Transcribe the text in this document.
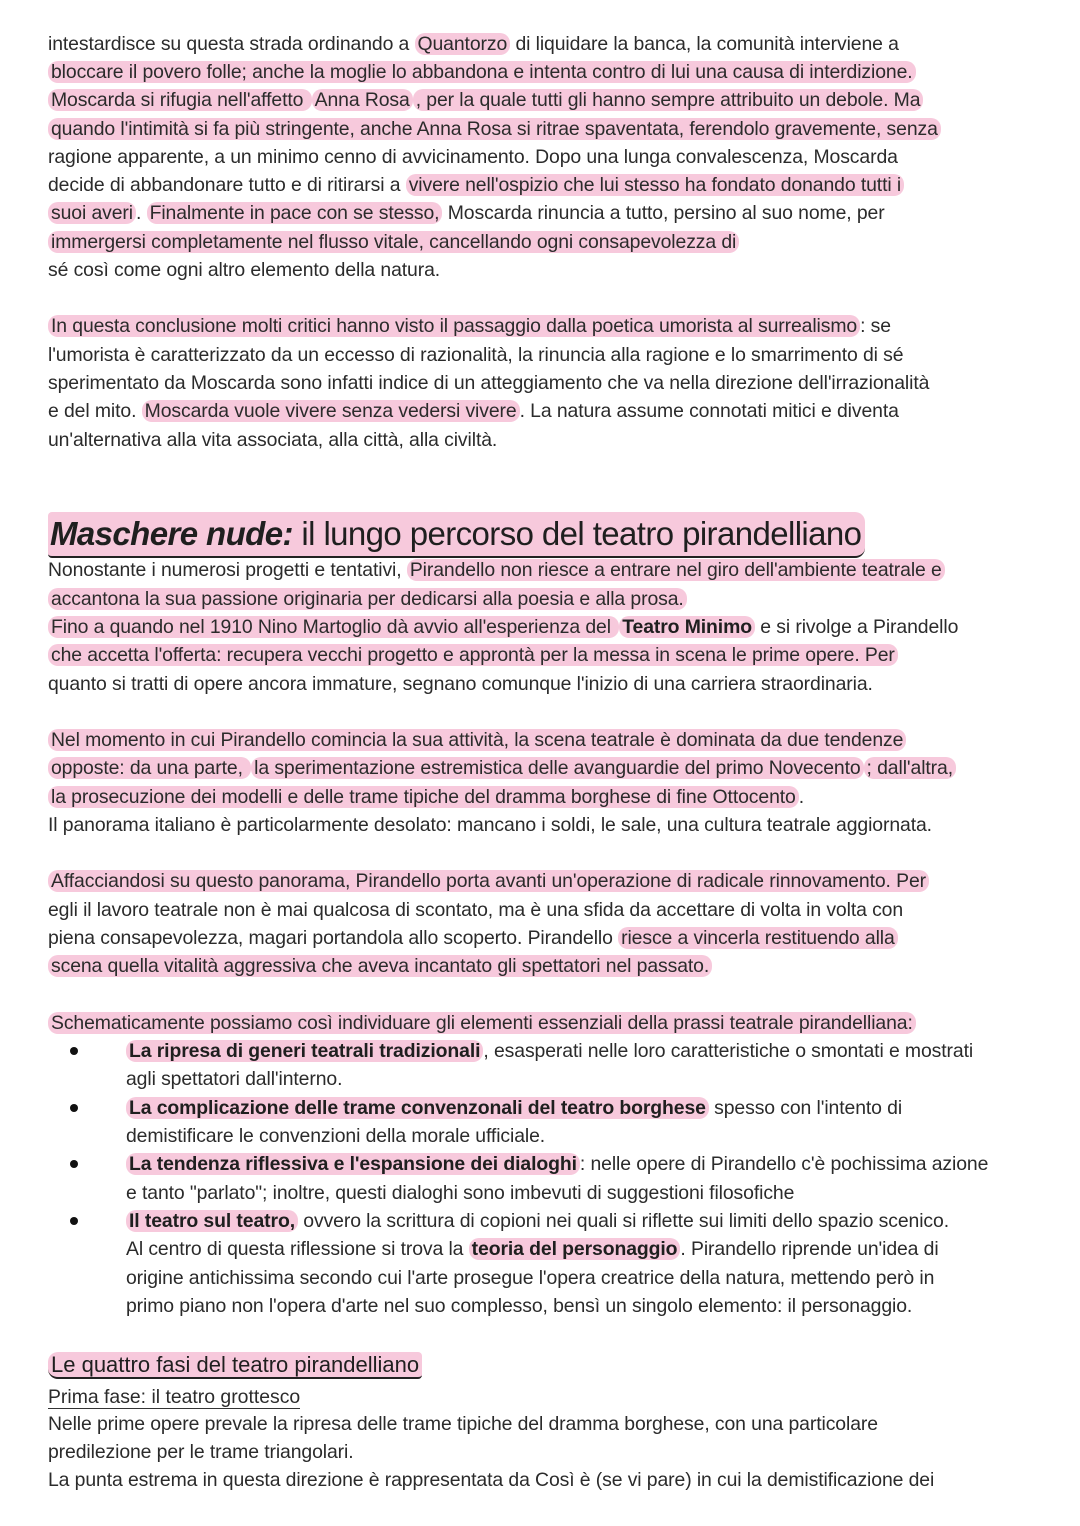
intestardisce su questa strada ordinando a Quantorzo di liquidare la banca, la comunità interviene a
bloccare il povero folle; anche la moglie lo abbandona e intenta contro di lui una causa di interdizione.
Moscarda si rifugia nell'affetto Anna Rosa , per la quale tutti gli hanno sempre attribuito un debole. Ma
quando l'intimità si fa più stringente, anche Anna Rosa si ritrae spaventata, ferendolo gravemente, senza
ragione apparente, a un minimo cenno di avvicinamento. Dopo una lunga convalescenza, Moscarda
decide di abbandonare tutto e di ritirarsi a vivere nell'ospizio che lui stesso ha fondato donando tutti i
suoi averi . Finalmente in pace con se stesso, Moscarda rinuncia a tutto, persino al suo nome, per
immergersi completamente nel flusso vitale, cancellando ogni consapevolezza di
sé così come ogni altro elemento della natura.
In questa conclusione molti critici hanno visto il passaggio dalla poetica umorista al surrealismo : se
l'umorista è caratterizzato da un eccesso di razionalità, la rinuncia alla ragione e lo smarrimento di sé
sperimentato da Moscarda sono infatti indice di un atteggiamento che va nella direzione dell'irrazionalità
e del mito. Moscarda vuole vivere senza vedersi vivere . La natura assume connotati mitici e diventa
un'alternativa alla vita associata, alla città, alla civiltà.
Maschere nude: il lungo percorso del teatro pirandelliano
Nonostante i numerosi progetti e tentativi, Pirandello non riesce a entrare nel giro dell'ambiente teatrale e
accantona la sua passione originaria per dedicarsi alla poesia e alla prosa.
Fino a quando nel 1910 Nino Martoglio dà avvio all'esperienza del Teatro Minimo e si rivolge a Pirandello
che accetta l'offerta: recupera vecchi progetto e approntà per la messa in scena le prime opere. Per
quanto si tratti di opere ancora immature, segnano comunque l'inizio di una carriera straordinaria.
Nel momento in cui Pirandello comincia la sua attività, la scena teatrale è dominata da due tendenze
opposte: da una parte, la sperimentazione estremistica delle avanguardie del primo Novecento ; dall'altra,
la prosecuzione dei modelli e delle trame tipiche del dramma borghese di fine Ottocento .
Il panorama italiano è particolarmente desolato: mancano i soldi, le sale, una cultura teatrale aggiornata.
Affacciandosi su questo panorama, Pirandello porta avanti un'operazione di radicale rinnovamento. Per
egli il lavoro teatrale non è mai qualcosa di scontato, ma è una sfida da accettare di volta in volta con
piena consapevolezza, magari portandola allo scoperto. Pirandello riesce a vincerla restituendo alla
scena quella vitalità aggressiva che aveva incantato gli spettatori nel passato.
Schematicamente possiamo così individuare gli elementi essenziali della prassi teatrale pirandelliana:
La ripresa di generi teatrali tradizionali , esasperati nelle loro caratteristiche o smontati e mostrati
agli spettatori dall'interno.
La complicazione delle trame convenzonali del teatro borghese spesso con l'intento di
demistificare le convenzioni della morale ufficiale.
La tendenza riflessiva e l'espansione dei dialoghi : nelle opere di Pirandello c'è pochissima azione
e tanto "parlato"; inoltre, questi dialoghi sono imbevuti di suggestioni filosofiche
Il teatro sul teatro, ovvero la scrittura di copioni nei quali si riflette sui limiti dello spazio scenico.
Al centro di questa riflessione si trova la teoria del personaggio . Pirandello riprende un'idea di
origine antichissima secondo cui l'arte prosegue l'opera creatrice della natura, mettendo però in
primo piano non l'opera d'arte nel suo complesso, bensì un singolo elemento: il personaggio.
Le quattro fasi del teatro pirandelliano
Prima fase: il teatro grottesco
Nelle prime opere prevale la ripresa delle trame tipiche del dramma borghese, con una particolare
predilezione per le trame triangolari.
La punta estrema in questa direzione è rappresentata da Così è (se vi pare) in cui la demistificazione dei
